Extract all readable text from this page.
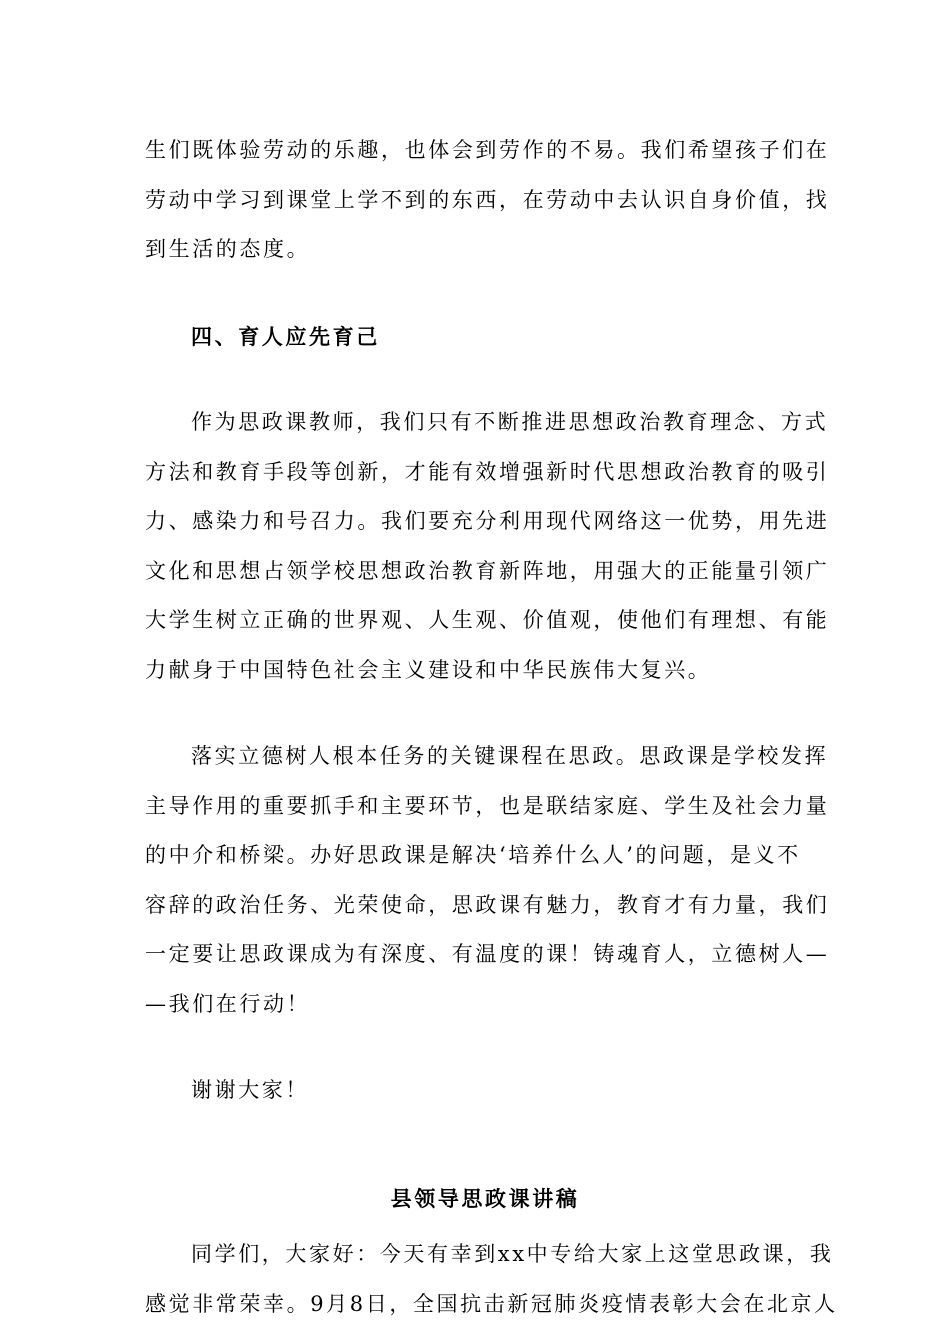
生们既体验劳动的乐趣，也体会到劳作的不易。我们希望孩子们在

劳动中学习到课堂上学不到的东西，在劳动中去认识自身价值，找

到生活的态度。

四、育人应先育己

作为思政课教师，我们只有不断推进思想政治教育理念、方式

方法和教育手段等创新，才能有效增强新时代思想政治教育的吸引

力、感染力和号召力。我们要充分利用现代网络这一优势，用先进

文化和思想占领学校思想政治教育新阵地，用强大的正能量引领广

大学生树立正确的世界观、人生观、价值观，使他们有理想、有能

力献身于中国特色社会主义建设和中华民族伟大复兴。

落实立德树人根本任务的关键课程在思政。思政课是学校发挥

主导作用的重要抓手和主要环节，也是联结家庭、学生及社会力量

的中介和桥梁。办好思政课是解决‘培养什么人’的问题，是义不

容辞的政治任务、光荣使命，思政课有魅力，教育才有力量，我们

一定要让思政课成为有深度、有温度的课！铸魂育人，立德树人—

—我们在行动！

谢谢大家！

县领导思政课讲稿

同学们，大家好：今天有幸到xx中专给大家上这堂思政课，我

感觉非常荣幸。9月8日，全国抗击新冠肺炎疫情表彰大会在北京人
